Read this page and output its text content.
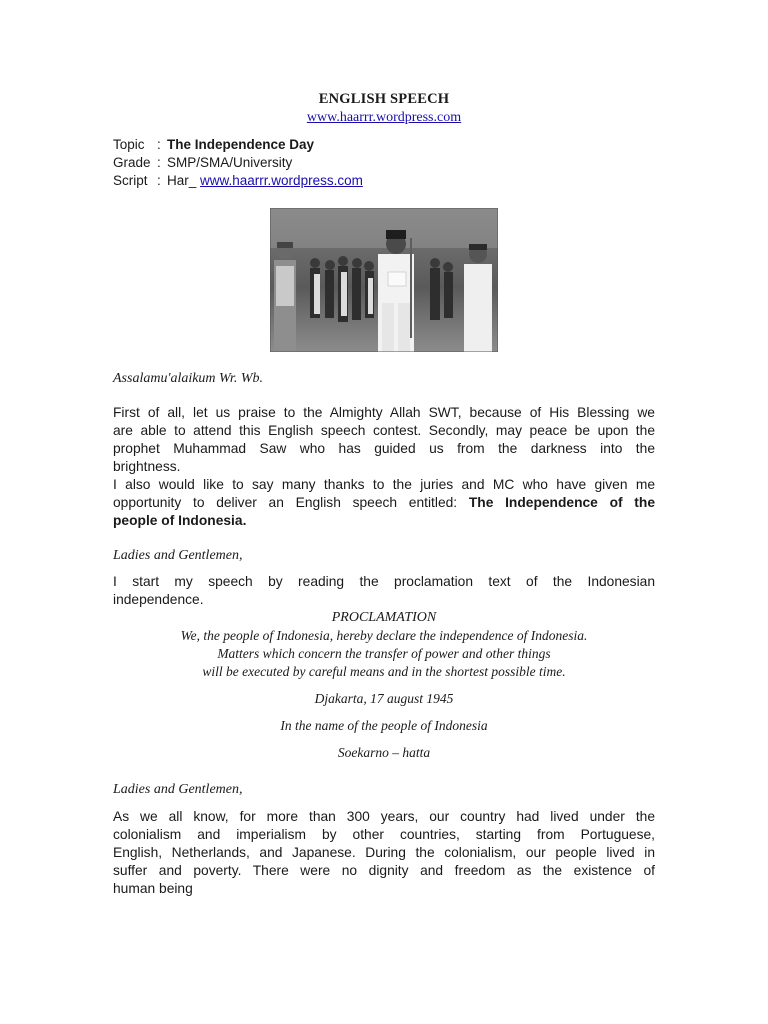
ENGLISH SPEECH
www.haarrr.wordpress.com
Topic : The Independence Day
Grade : SMP/SMA/University
Script : Har_ www.haarrr.wordpress.com
Assalamu'alaikum Wr. Wb.
First of all, let us praise to the Almighty Allah SWT, because of His Blessing we
are able to attend this English speech contest. Secondly, may peace be upon the
prophet Muhammad Saw who has guided us from the darkness into the
brightness.
I also would like to say many thanks to the juries and MC who have given me
opportunity to deliver an English speech entitled: The Independence of the
people of Indonesia.
Ladies and Gentlemen,
I start my speech by reading the proclamation text of the Indonesian
independence.
PROCLAMATION
We, the people of Indonesia, hereby declare the independence of Indonesia.
Matters which concern the transfer of power and other things
will be executed by careful means and in the shortest possible time.
Djakarta, 17 august 1945
In the name of the people of Indonesia
Soekarno – hatta
Ladies and Gentlemen,
As we all know, for more than 300 years, our country had lived under the
colonialism and imperialism by other countries, starting from Portuguese,
English, Netherlands, and Japanese. During the colonialism, our people lived in
suffer and poverty. There were no dignity and freedom as the existence of
human being
